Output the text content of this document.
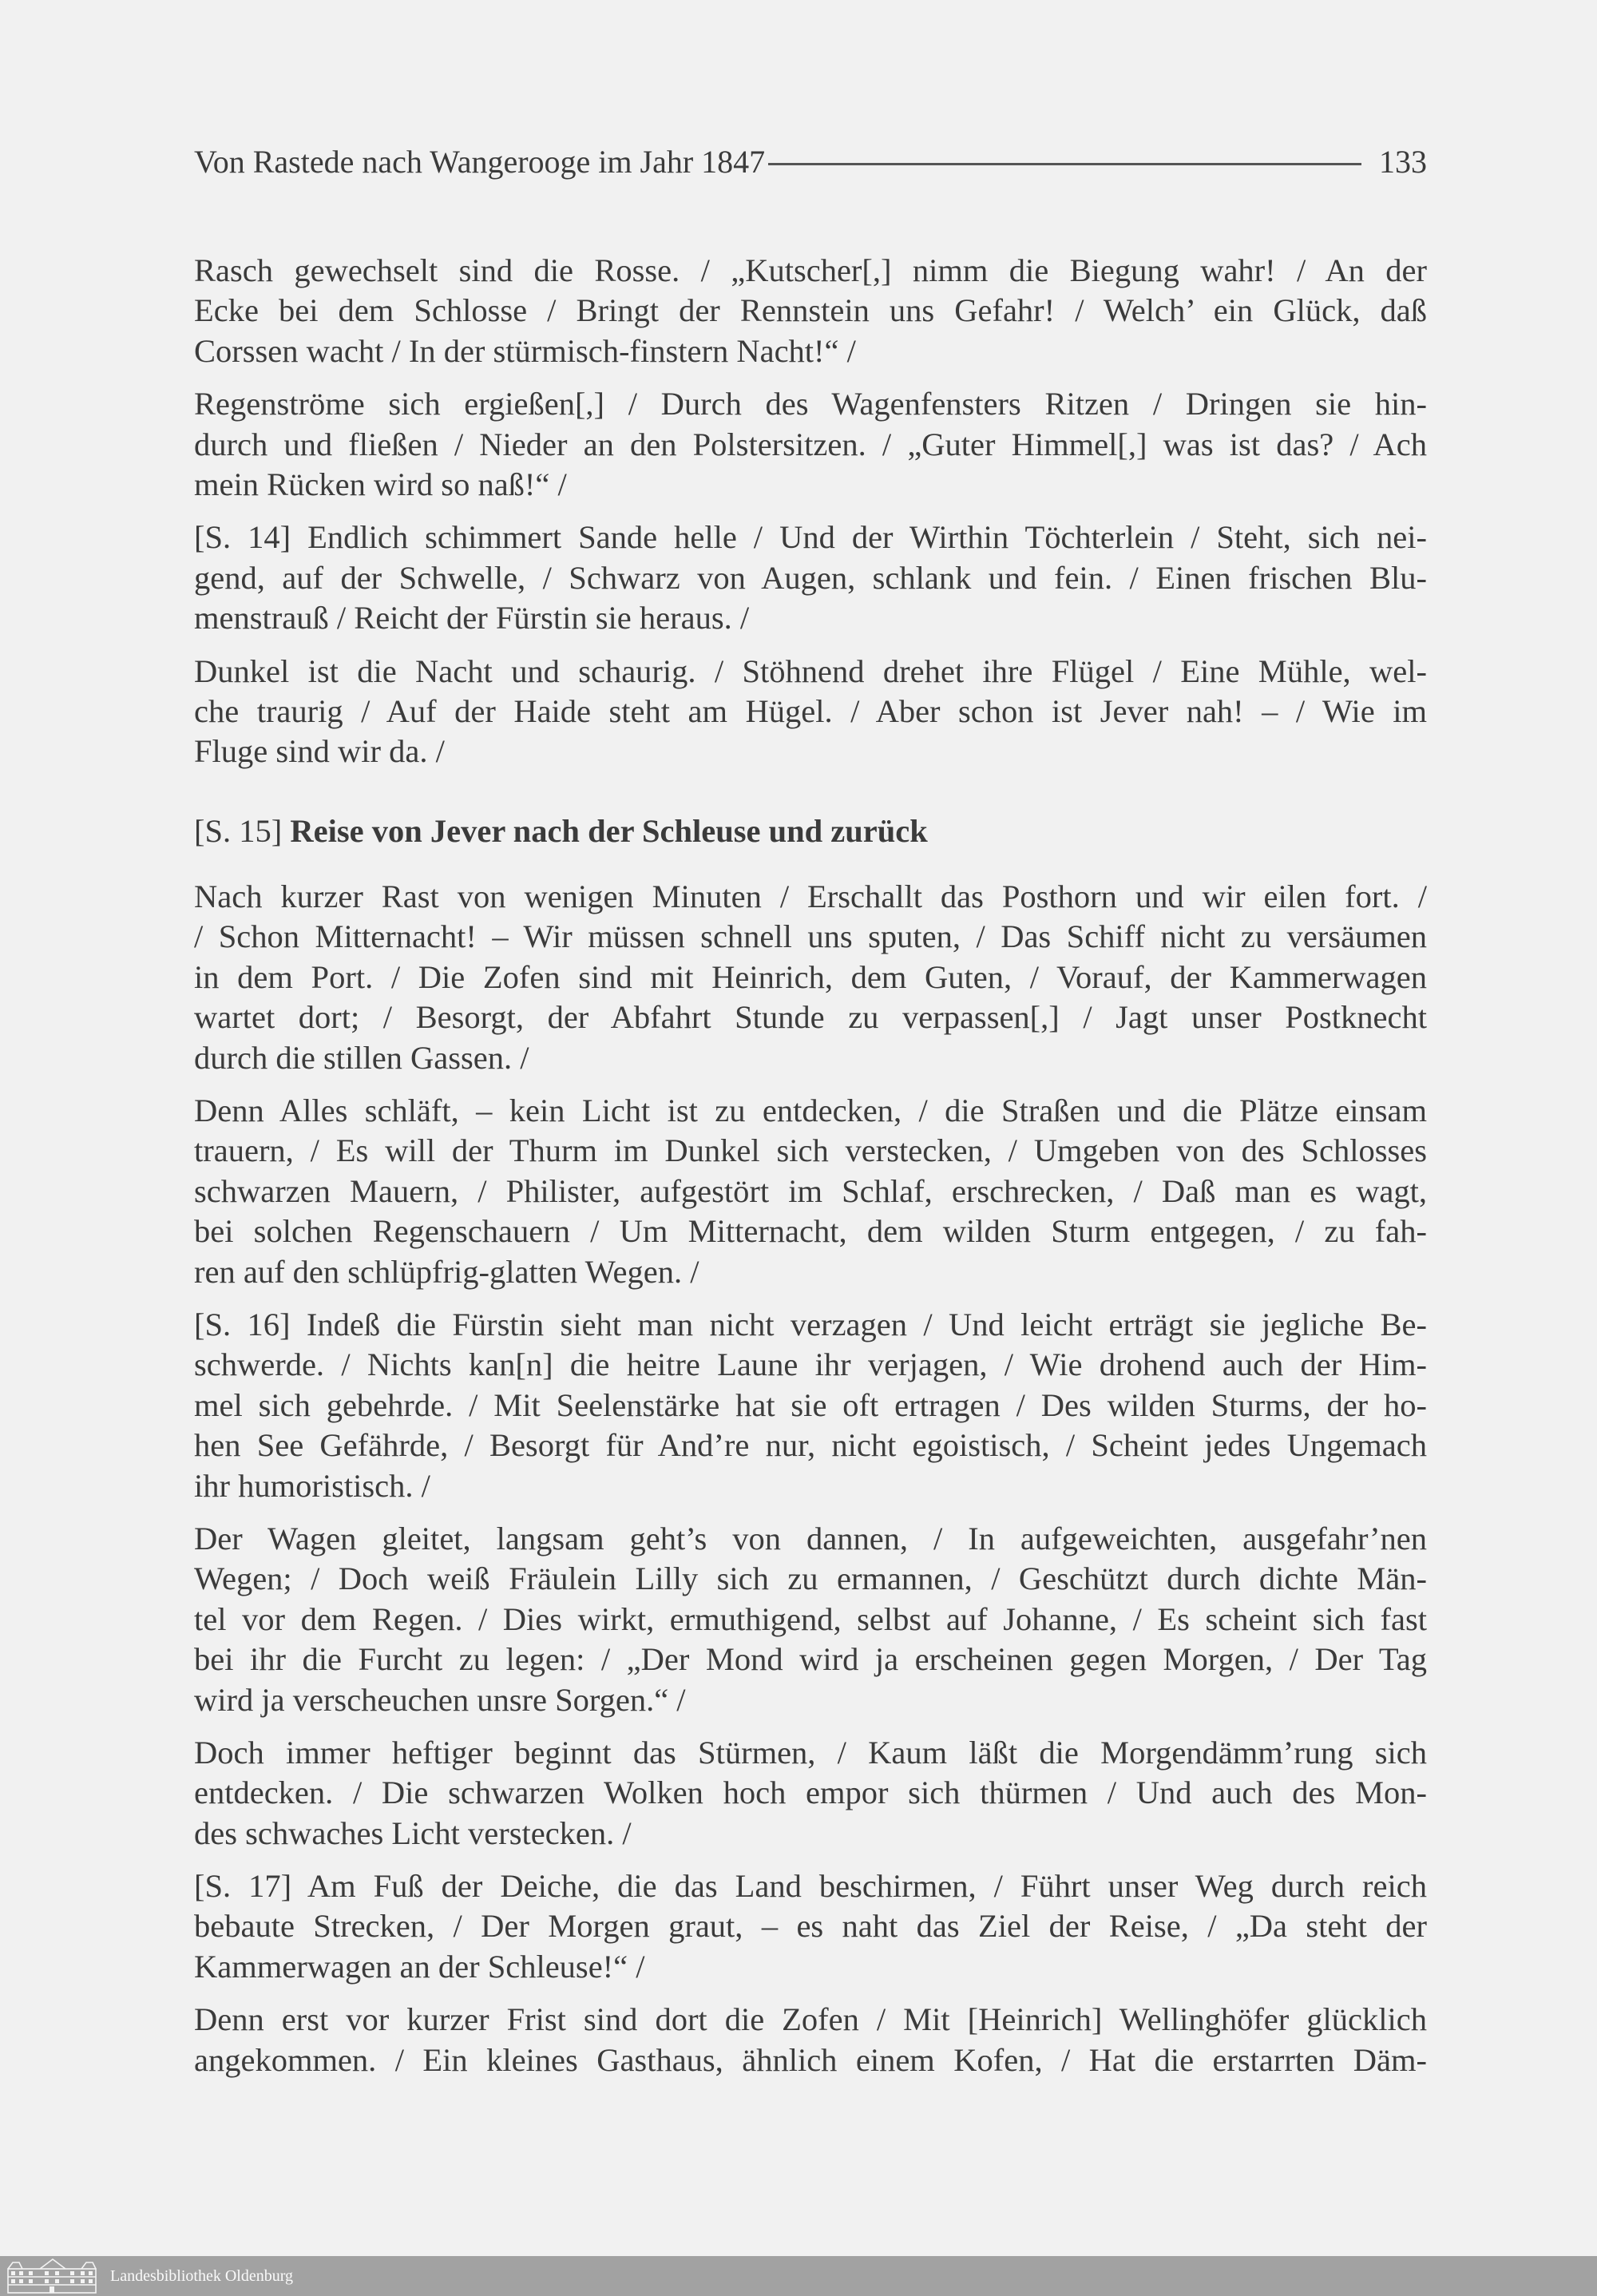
Von Rastede nach Wangerooge im Jahr 1847	133
Rasch gewechselt sind die Rosse. / „Kutscher[,] nimm die Biegung wahr! / An der
Ecke bei dem Schlosse / Bringt der Rennstein uns Gefahr! / Welch’ ein Glück, daß
Corssen wacht / In der stürmisch-finstern Nacht!“ /
Regenströme sich ergießen[,] / Durch des Wagenfensters Ritzen / Dringen sie hin-
durch und fließen / Nieder an den Polstersitzen. / „Guter Himmel[,] was ist das? / Ach
mein Rücken wird so naß!“ /
[S. 14] Endlich schimmert Sande helle / Und der Wirthin Töchterlein / Steht, sich nei-
gend, auf der Schwelle, / Schwarz von Augen, schlank und fein. / Einen frischen Blu-
menstrauß / Reicht der Fürstin sie heraus. /
Dunkel ist die Nacht und schaurig. / Stöhnend drehet ihre Flügel / Eine Mühle, wel-
che traurig / Auf der Haide steht am Hügel. / Aber schon ist Jever nah! – / Wie im
Fluge sind wir da. /
[S. 15] Reise von Jever nach der Schleuse und zurück
Nach kurzer Rast von wenigen Minuten / Erschallt das Posthorn und wir eilen fort. /
/ Schon Mitternacht! – Wir müssen schnell uns sputen, / Das Schiff nicht zu versäumen
in dem Port. / Die Zofen sind mit Heinrich, dem Guten, / Vorauf, der Kammerwagen
wartet dort; / Besorgt, der Abfahrt Stunde zu verpassen[,] / Jagt unser Postknecht
durch die stillen Gassen. /
Denn Alles schläft, – kein Licht ist zu entdecken, / die Straßen und die Plätze einsam
trauern, / Es will der Thurm im Dunkel sich verstecken, / Umgeben von des Schlosses
schwarzen Mauern, / Philister, aufgestört im Schlaf, erschrecken, / Daß man es wagt,
bei solchen Regenschauern / Um Mitternacht, dem wilden Sturm entgegen, / zu fah-
ren auf den schlüpfrig-glatten Wegen. /
[S. 16] Indeß die Fürstin sieht man nicht verzagen / Und leicht erträgt sie jegliche Be-
schwerde. / Nichts kan[n] die heitre Laune ihr verjagen, / Wie drohend auch der Him-
mel sich gebehrde. / Mit Seelenstärke hat sie oft ertragen / Des wilden Sturms, der ho-
hen See Gefährde, / Besorgt für And’re nur, nicht egoistisch, / Scheint jedes Ungemach
ihr humoristisch. /
Der Wagen gleitet, langsam geht’s von dannen, / In aufgeweichten, ausgefahr’nen
Wegen; / Doch weiß Fräulein Lilly sich zu ermannen, / Geschützt durch dichte Män-
tel vor dem Regen. / Dies wirkt, ermuthigend, selbst auf Johanne, / Es scheint sich fast
bei ihr die Furcht zu legen: / „Der Mond wird ja erscheinen gegen Morgen, / Der Tag
wird ja verscheuchen unsre Sorgen.“ /
Doch immer heftiger beginnt das Stürmen, / Kaum läßt die Morgendämm’rung sich
entdecken. / Die schwarzen Wolken hoch empor sich thürmen / Und auch des Mon-
des schwaches Licht verstecken. /
[S. 17] Am Fuß der Deiche, die das Land beschirmen, / Führt unser Weg durch reich
bebaute Strecken, / Der Morgen graut, – es naht das Ziel der Reise, / „Da steht der
Kammerwagen an der Schleuse!“ /
Denn erst vor kurzer Frist sind dort die Zofen / Mit [Heinrich] Wellinghöfer glücklich
angekommen. / Ein kleines Gasthaus, ähnlich einem Kofen, / Hat die erstarrten Däm-
Landesbibliothek Oldenburg
